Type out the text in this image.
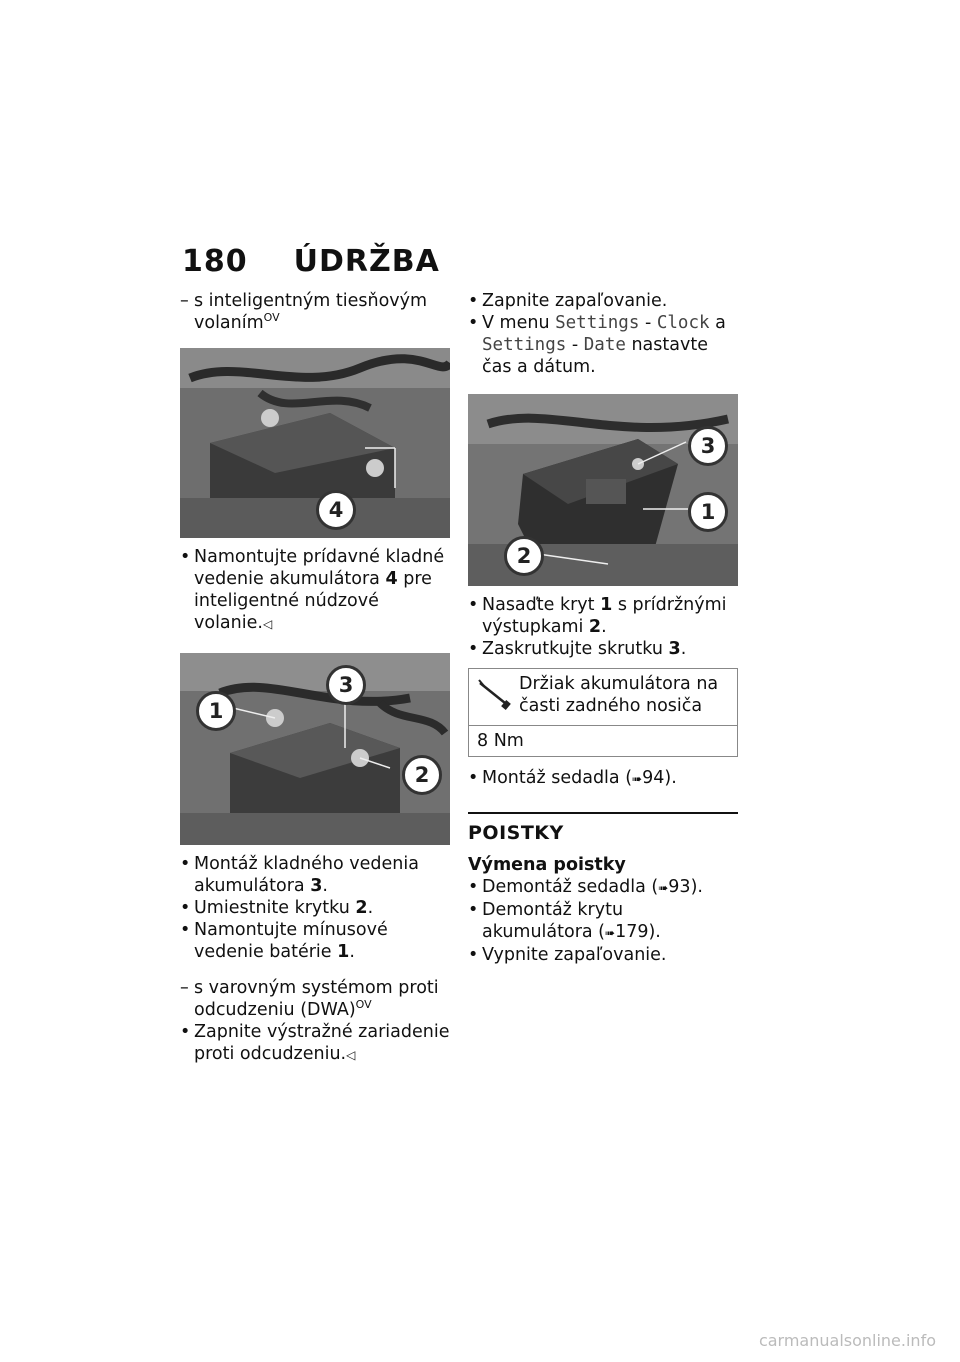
180 ÚDRŽBA

– s inteligentným tiesňovým volaním$^{OV}$

4

• Namontujte prídavné kladné vedenie akumulátora 4 pre inteligentné núdzové volanie.◁

1
3
2

• Montáž kladného vedenia akumulátora 3.

• Umiestnite krytku 2.

• Namontujte mínusové vedenie batérie 1.

– s varovným systémom proti odcudzeniu (DWA)$^{OV}$

• Zapnite výstražné zariadenie proti odcudzeniu.◁

• Zapnite zapaľovanie.

• V menu Settings - Clock a Settings - Date nastavte čas a dátum.

3
1
2

• Nasaďte kryt 1 s prídržnými výstupkami 2.

• Zaskrutkujte skrutku 3.

Držiak akumulátora na časti zadného nosiča
8 Nm

• Montáž sedadla (➠94).

POISTKY
Výmena poistky

• Demontáž sedadla (➠93).

• Demontáž krytu akumulátora (➠179).

• Vypnite zapaľovanie.

carmanualsonline.info
